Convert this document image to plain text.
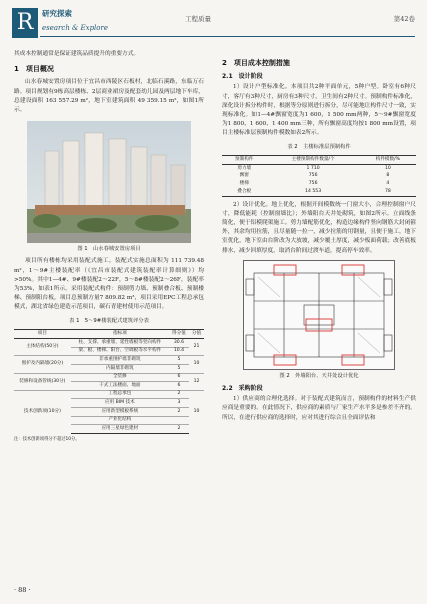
R	研究探索
esearch & Explore
工程质量	第42卷

其成本控制通常是保证建筑品质提升的重要方式。

1　项目概况

山水春城安置房项目位于宜昌市西陵区石板村，北临石溪路，东临万石路。项目规划有9栋高层楼栋、2层商业裙房及配套幼儿园及两层地下车库，总建设面积 163 557.29 m²，地下室建筑面积 49 359.15 m²，如图1所示。

图 1　山水春城安置房项目

项目所有楼栋均采用装配式施工，装配式实施总面积为 111 739.48 m²，1～9#主楼装配率（《宜昌市装配式建筑装配率计算细则》）均>50%。其中1—4#、9#楼装配2～22F，5～8#楼装配2～26F，装配率为53%，如表1所示。采用装配式构件：预制剪力墙、预制叠合板、预制楼梯、预制阳台板，项目总预制方量7 809.82 m³，项目采用EPC工程总承包模式，湖北省绿色建造示范项目，碳石青建材使用示范项目。

表 1　5～9#楼装配式建筑评分表
项目	指标项	得分值	分值
主体结构(50分)	柱、支撑、承重墙、延性墙板等竖向构件	30.6	21
	梁、板、楼梯、阳台、空调板等水平构件	10.4	
围护及内隔墙(20分)	非承重围护墙非砌筑	5	10
	内隔墙非砌筑	5	
装修和设备管线(30分)	全装修	6	12
	干式工法楼面、地面	6	
技术创新项(10分)	工程总承包	2	10
	应用 BIM 技术	3	
	应用新型模板系统	2	
	产业化结构		
	应用三星绿色建材	2	
注：技术创新项得分不超过10分。
2　项目成本控制措施
2.1　设计阶段

1）设计户型标准化。本项目共2种平面单元，5种户型。卧室有6种尺寸，客厅有3种尺寸，厨房有3种尺寸，卫生间有2种尺寸。预制构件标准化，深化设计拆分构件时，根据等分原则进行拆分，尽可能地让构件尺寸一致，实现标准化。如1—4#飘窗宽度为1 600，1 500 mm两种，5～9#飘窗宽度为1 800、1 600、1 400 mm三种，所有飘窗高度均按1 800 mm设置，项目主楼标准层预制构件模数如表2所示。

表 2　主楼标准层预制构件
预制构件	主楼预制构件数量/个	构件模数/%
剪力墙	1 710	10
飘窗	756	8
楼梯	756	4
叠合板	14 553	78

2）设计优化。地上优化，根据开间模数统一门窗大小，合理控制窗户尺寸，降低能耗（控制窗墙比）；外墙阳台天井处砌筑，如图2所示。立面线条简化，便于铝模爬架施工。剪力墙配筋优化，构造边缘构件竖向钢筋大封闭箍外，其余均用拉筋，且尽量随一拉一，减少拉筋的用钢量，且便于施工。地下室优化，地下室由台阶改为大放坡，减少覆土厚度，减少板面荷载；改善底板排水，减少回填厚度，取消台阶间过渡车道，提高停车效率。

图 2　外墙阳台、天井处设计优化
2.2　采购阶段

1）供应商的合理化选择。对于装配式建筑而言，预制构件的材料生产供应商是重要的。在此情况下，供应商的素质与厂家生产水平多是参差不齐的。所以，在进行供应商的选择时，应对其进行综合且全面评估和

· 88 ·
